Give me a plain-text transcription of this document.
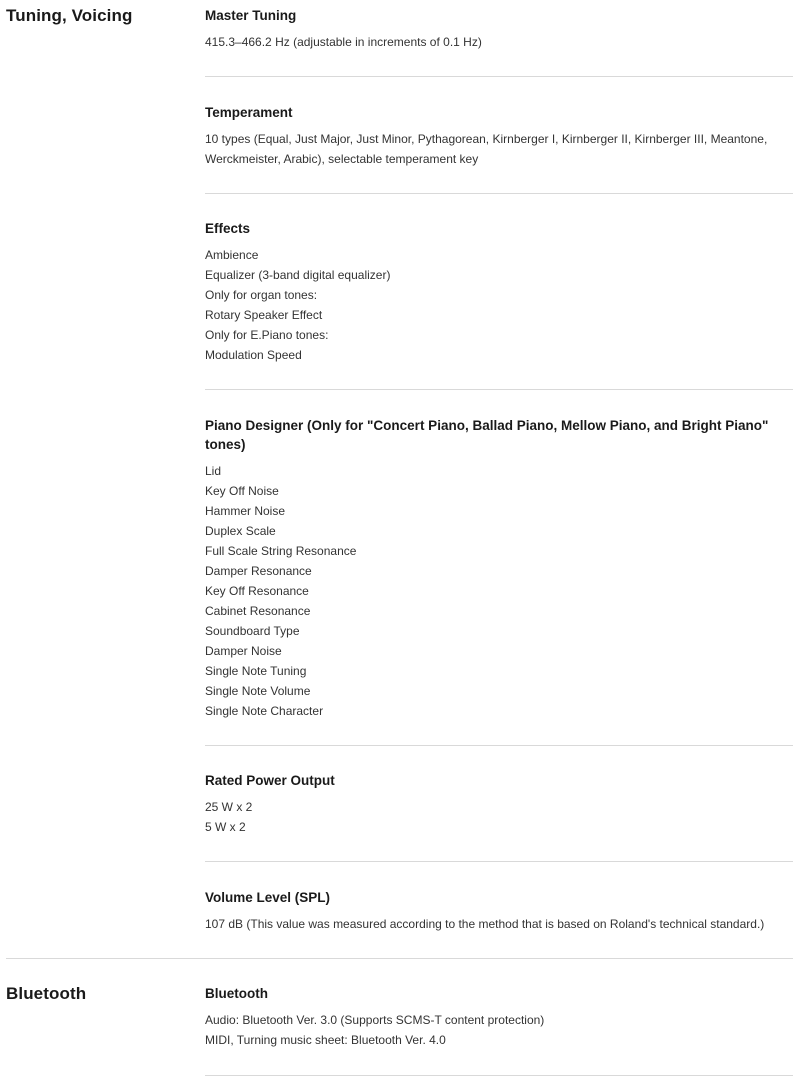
Tuning, Voicing	Master Tuning
415.3–466.2 Hz (adjustable in increments of 0.1 Hz)
Temperament
10 types (Equal, Just Major, Just Minor, Pythagorean, Kirnberger I, Kirnberger II, Kirnberger III, Meantone, Werckmeister, Arabic), selectable temperament key
Effects
Ambience
Equalizer (3-band digital equalizer)
Only for organ tones:
Rotary Speaker Effect
Only for E.Piano tones:
Modulation Speed
Piano Designer (Only for "Concert Piano, Ballad Piano, Mellow Piano, and Bright Piano" tones)
Lid
Key Off Noise
Hammer Noise
Duplex Scale
Full Scale String Resonance
Damper Resonance
Key Off Resonance
Cabinet Resonance
Soundboard Type
Damper Noise
Single Note Tuning
Single Note Volume
Single Note Character
Rated Power Output
25 W x 2
5 W x 2
Volume Level (SPL)
107 dB (This value was measured according to the method that is based on Roland's technical standard.)
Bluetooth	Bluetooth
Audio: Bluetooth Ver. 3.0 (Supports SCMS-T content protection)
MIDI, Turning music sheet: Bluetooth Ver. 4.0
